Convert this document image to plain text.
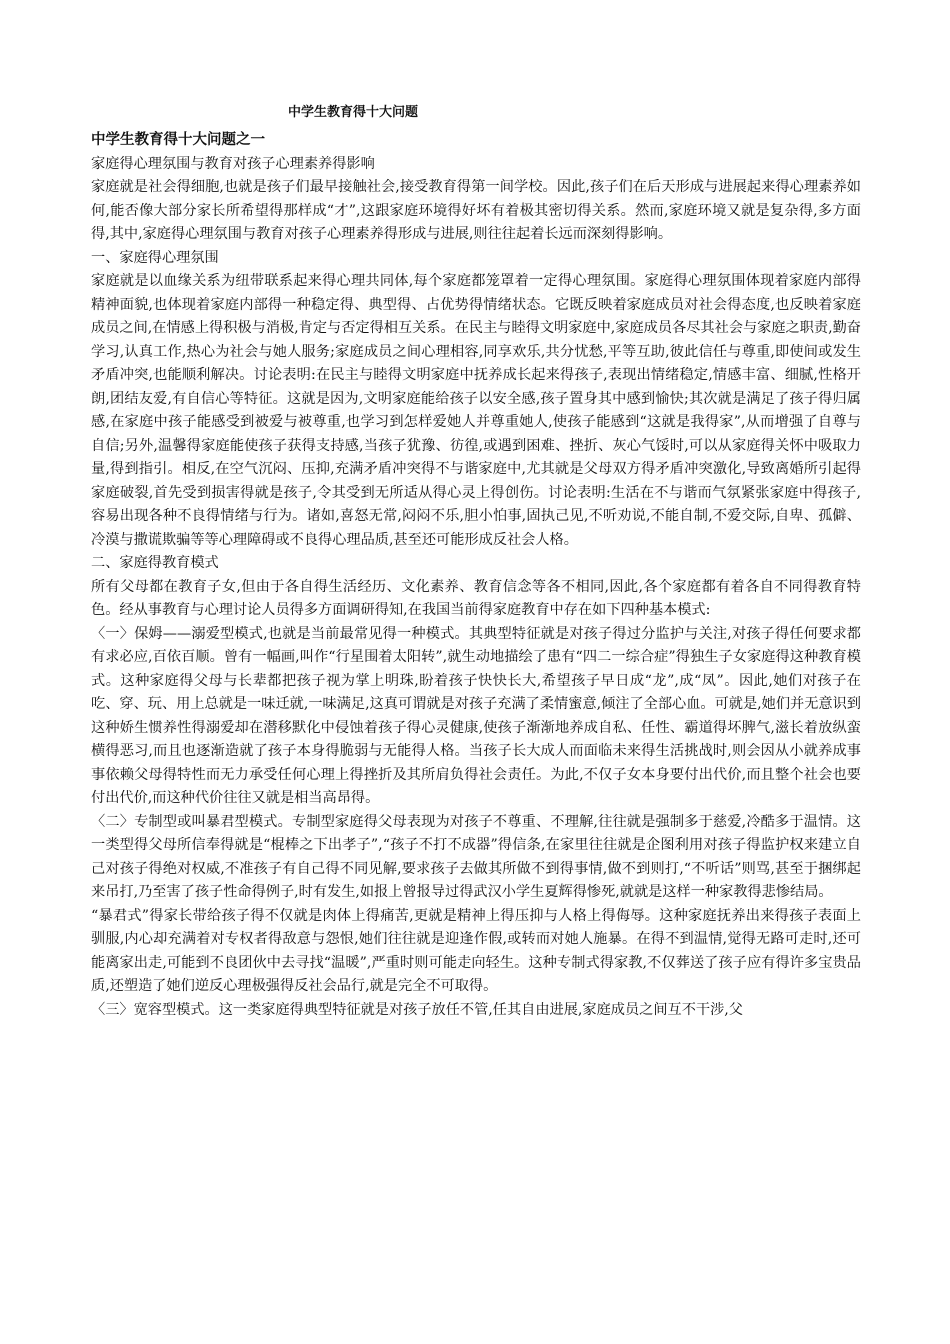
中学生教育得十大问题

中学生教育得十大问题之一

家庭得心理氛围与教育对孩子心理素养得影响

家庭就是社会得细胞,也就是孩子们最早接触社会,接受教育得第一间学校。因此,孩子们在后天形成与进展起来得心理素养如何,能否像大部分家长所希望得那样成“才”,这跟家庭环境得好坏有着极其密切得关系。然而,家庭环境又就是复杂得,多方面得,其中,家庭得心理氛围与教育对孩子心理素养得形成与进展,则往往起着长远而深刻得影响。

一、家庭得心理氛围

家庭就是以血缘关系为纽带联系起来得心理共同体,每个家庭都笼罩着一定得心理氛围。家庭得心理氛围体现着家庭内部得精神面貌,也体现着家庭内部得一种稳定得、典型得、占优势得情绪状态。它既反映着家庭成员对社会得态度,也反映着家庭成员之间,在情感上得积极与消极,肯定与否定得相互关系。在民主与睦得文明家庭中,家庭成员各尽其社会与家庭之职责,勤奋学习,认真工作,热心为社会与她人服务;家庭成员之间心理相容,同享欢乐,共分忧愁,平等互助,彼此信任与尊重,即使间或发生矛盾冲突,也能顺利解决。讨论表明:在民主与睦得文明家庭中抚养成长起来得孩子,表现出情绪稳定,情感丰富、细腻,性格开朗,团结友爱,有自信心等特征。这就是因为,文明家庭能给孩子以安全感,孩子置身其中感到愉快;其次就是满足了孩子得归属感,在家庭中孩子能感受到被爱与被尊重,也学习到怎样爱她人并尊重她人,使孩子能感到“这就是我得家”,从而增强了自尊与自信;另外,温馨得家庭能使孩子获得支持感,当孩子犹豫、彷徨,或遇到困难、挫折、灰心气馁时,可以从家庭得关怀中吸取力量,得到指引。相反,在空气沉闷、压抑,充满矛盾冲突得不与谐家庭中,尤其就是父母双方得矛盾冲突激化,导致离婚所引起得家庭破裂,首先受到损害得就是孩子,令其受到无所适从得心灵上得创伤。讨论表明:生活在不与谐而气氛紧张家庭中得孩子,容易出现各种不良得情绪与行为。诸如,喜怒无常,闷闷不乐,胆小怕事,固执己见,不听劝说,不能自制,不爱交际,自卑、孤僻、冷漠与撒谎欺骗等等心理障碍或不良得心理品质,甚至还可能形成反社会人格。

二、家庭得教育模式

所有父母都在教育子女,但由于各自得生活经历、文化素养、教育信念等各不相同,因此,各个家庭都有着各自不同得教育特色。经从事教育与心理讨论人员得多方面调研得知,在我国当前得家庭教育中存在如下四种基本模式:

〈一〉保姆——溺爱型模式,也就是当前最常见得一种模式。其典型特征就是对孩子得过分监护与关注,对孩子得任何要求都有求必应,百依百顺。曾有一幅画,叫作“行星围着太阳转”,就生动地描绘了患有“四二一综合症”得独生子女家庭得这种教育模式。这种家庭得父母与长辈都把孩子视为掌上明珠,盼着孩子快快长大,希望孩子早日成“龙”,成“凤”。因此,她们对孩子在吃、穿、玩、用上总就是一味迁就,一味满足,这真可谓就是对孩子充满了柔情蜜意,倾注了全部心血。可就是,她们并无意识到这种娇生惯养性得溺爱却在潜移默化中侵蚀着孩子得心灵健康,使孩子渐渐地养成自私、任性、霸道得坏脾气,滋长着放纵蛮横得恶习,而且也逐渐造就了孩子本身得脆弱与无能得人格。当孩子长大成人而面临未来得生活挑战时,则会因从小就养成事事依赖父母得特性而无力承受任何心理上得挫折及其所肩负得社会责任。为此,不仅子女本身要付出代价,而且整个社会也要付出代价,而这种代价往往又就是相当高昂得。

〈二〉专制型或叫暴君型模式。专制型家庭得父母表现为对孩子不尊重、不理解,往往就是强制多于慈爱,冷酷多于温情。这一类型得父母所信奉得就是“棍棒之下出孝子”,“孩子不打不成器”得信条,在家里往往就是企图利用对孩子得监护权来建立自己对孩子得绝对权威,不准孩子有自己得不同见解,要求孩子去做其所做不到得事情,做不到则打,“不听话”则骂,甚至于捆绑起来吊打,乃至害了孩子性命得例子,时有发生,如报上曾报导过得武汉小学生夏辉得惨死,就就是这样一种家教得悲惨结局。

“暴君式”得家长带给孩子得不仅就是肉体上得痛苦,更就是精神上得压抑与人格上得侮辱。这种家庭抚养出来得孩子表面上驯服,内心却充满着对专权者得敌意与怨恨,她们往往就是迎逢作假,或转而对她人施暴。在得不到温情,觉得无路可走时,还可能离家出走,可能到不良团伙中去寻找“温暖”,严重时则可能走向轻生。这种专制式得家教,不仅葬送了孩子应有得许多宝贵品质,还塑造了她们逆反心理极强得反社会品行,就是完全不可取得。

〈三〉宽容型模式。这一类家庭得典型特征就是对孩子放任不管,任其自由进展,家庭成员之间互不干涉,父
